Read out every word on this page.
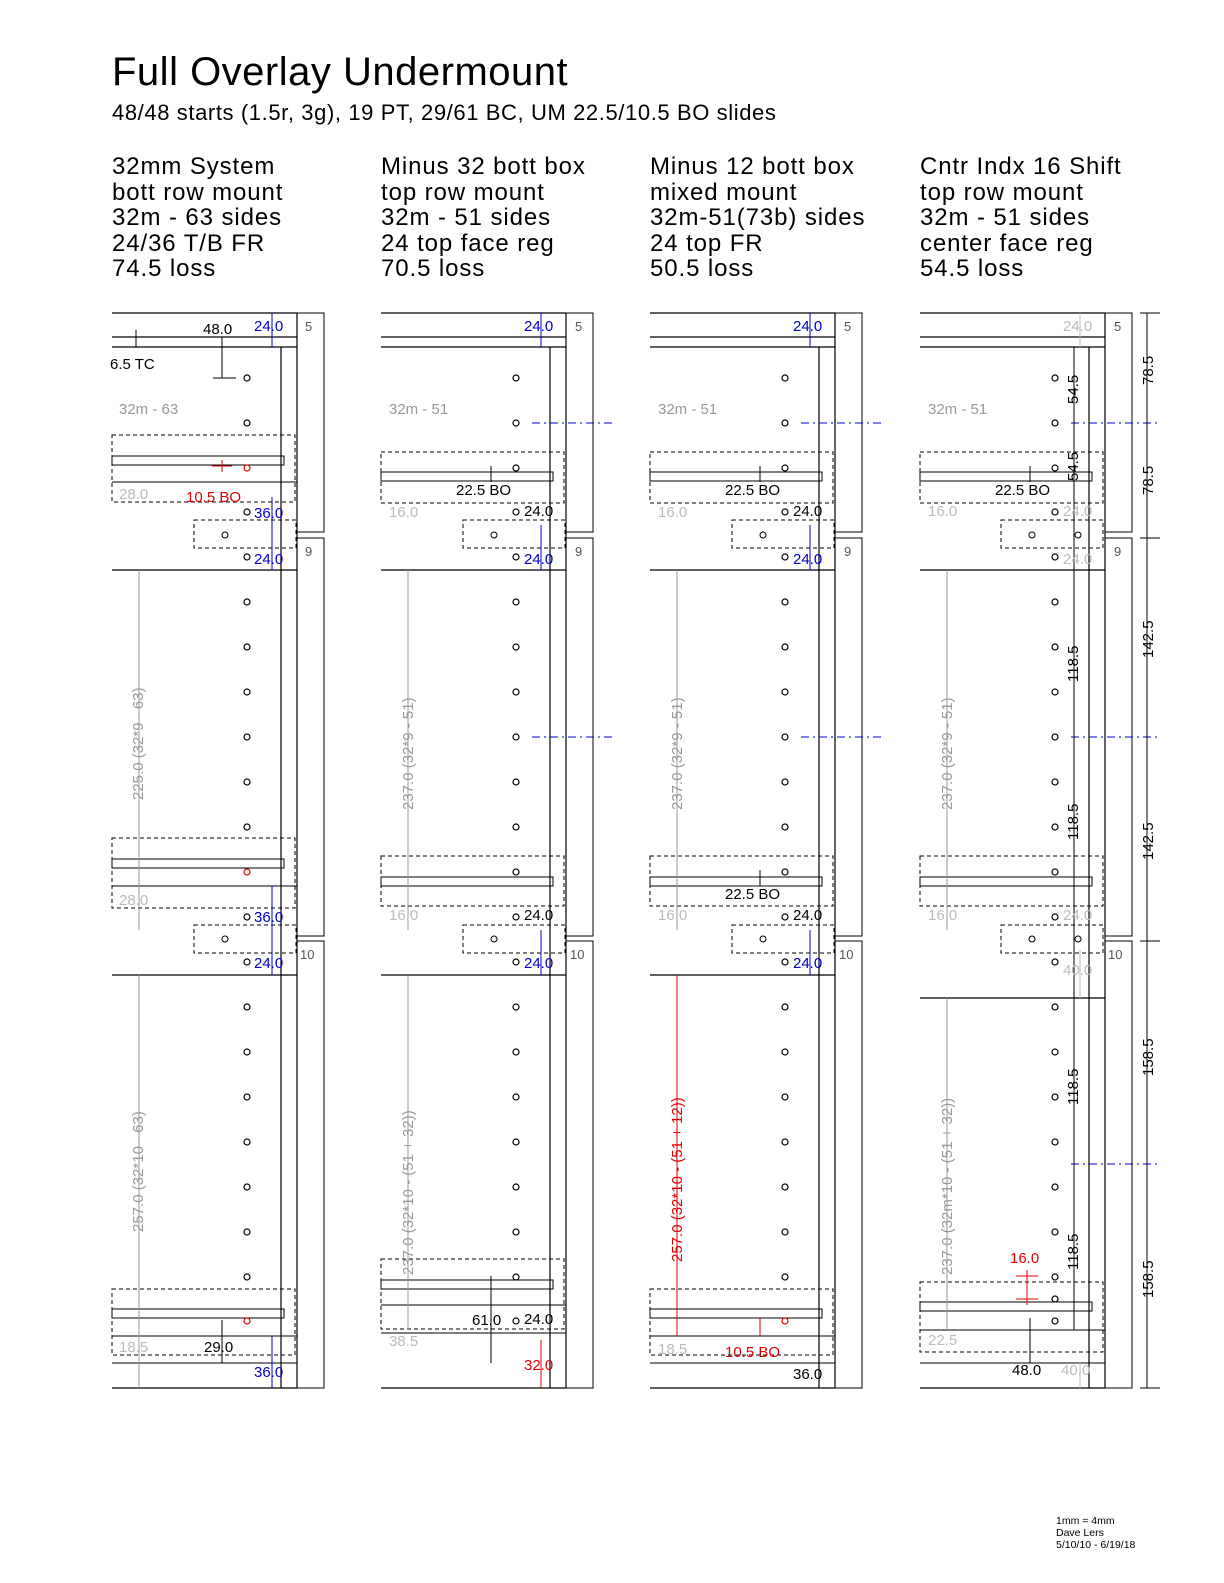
Full Overlay Undermount
48/48 starts (1.5r, 3g), 19 PT, 29/61 BC, UM 22.5/10.5 BO slides
32mm System
bott row mount
32m - 63 sides
24/36 T/B FR
74.5 loss
Minus 32 bott box
top row mount
32m - 51 sides
24 top face reg
70.5 loss
Minus 12 bott box
mixed mount
32m-51(73b) sides
24 top FR
50.5 loss
Cntr Indx 16 Shift
top row mount
32m - 51 sides
center face reg
54.5 loss
5
9
10
48.0 24.0
6.5 TC
32m - 63
10.5 BO
28.0
36.0
24.0
225.0 (32*9 - 63)
28.0
36.0
24.0
257.0 (32*10 - 63)
18.5	29.0
36.0
5
9
10
24.0
32m - 51
22.5 BO
16.0	24.0
24.0
237.0 (32*9 - 51)
16.0	24.0
24.0
237.0 (32*10 - (51 + 32))
61.0 24.0
38.5
32.0
5
9
10
24.0
32m - 51
22.5 BO
16.0	24.0
24.0
237.0 (32*9 - 51)
22.5 BO
16.0	24.0
24.0
257.0 (32*10 - (51 + 12))
18.5	10.5 BO
36.0
5
9
10
24.0
32m - 51
54.5
54.5
22.5 BO
16.0	24.0
24.0
118.5
118.5
237.0 (32*9 - 51)
16.0	24.0
40.0
118.5
118.5
237.0 (32m*10 - (51 + 32))	16.0
22.5
48.0 40.0
78.5
78.5
142.5
142.5
158.5
158.5
1mm = 4mm
Dave Lers
5/10/10 - 6/19/18
